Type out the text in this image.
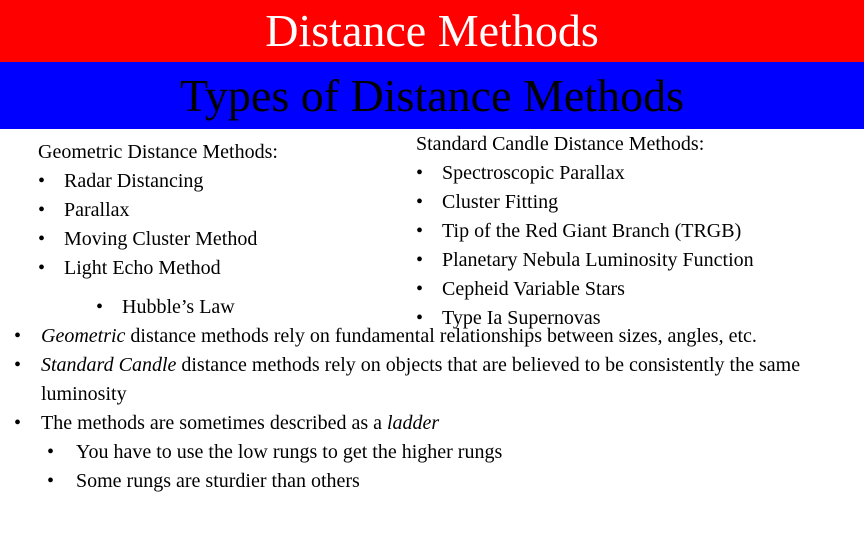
Distance Methods
Types of Distance Methods
Geometric Distance Methods:
• Radar Distancing
• Parallax
• Moving Cluster Method
• Light Echo Method
• Hubble’s Law
Standard Candle Distance Methods:
• Spectroscopic Parallax
• Cluster Fitting
• Tip of the Red Giant Branch (TRGB)
• Planetary Nebula Luminosity Function
• Cepheid Variable Stars
• Type Ia Supernovas
• Geometric distance methods rely on fundamental relationships between sizes, angles, etc.
• Standard Candle distance methods rely on objects that are believed to be consistently the same luminosity
• The methods are sometimes described as a ladder
•	You have to use the low rungs to get the higher rungs
•	Some rungs are sturdier than others
